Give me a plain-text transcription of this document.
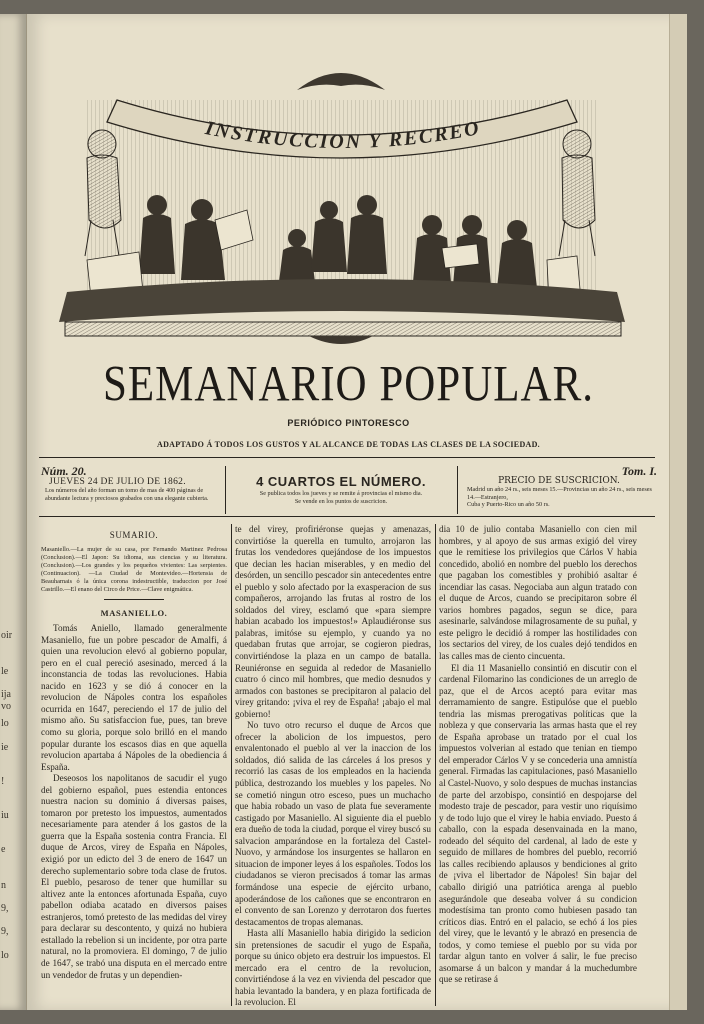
oir
le
ija
vo
lo
ie
!
iu
e
n
9,
9,
lo
INSTRUCCION Y RECREO
SEMANARIO POPULAR.
PERIÓDICO PINTORESCO
ADAPTADO Á TODOS LOS GUSTOS Y AL ALCANCE DE TODAS LAS CLASES DE LA SOCIEDAD.
Núm. 20.
JUEVES 24 DE JULIO DE 1862.
Los números del año forman un tomo de mas de 400 páginas de abundante lectura y preciosos grabados con una elegante cubierta.
4 CUARTOS EL NÚMERO.
Se publica todos los jueves y se remite á provincias el mismo dia.
Se vende en los puntos de suscricion.
Tom. I.
PRECIO DE SUSCRICION.
Madrid un año 24 rs., seis meses 15.—Provincias un año 24 rs., seis meses 14.—Estranjero,
Cuba y Puerto-Rico un año 50 rs.

SUMARIO.

Masaniello.—La mujer de su casa, por Fernando Martinez Pedrosa (Conclusion).—El Japon: Su idioma, sus ciencias y su literatura. (Conclusion).—Los grandes y los pequeños vivientes: Las serpientes. (Continuacion). —La Ciudad de Montevideo.—Hortensia de Beauharnais ó la única corona indestructible, traduccion por José Castrillo.—El enano del Circo de Price.—Clave enigmática.

MASANIELLO.

Tomás Aniello, llamado generalmente Masaniello, fue un pobre pescador de Amalfi, á quien una revolucion elevó al gobierno popular, pero en el cual pereció asesinado, merced á la inconstancia de todas las revoluciones. Habia nacido en 1623 y se dió á conocer en la revolucion de Nápoles contra los españoles ocurrida en 1647, pereciendo el 17 de julio del mismo año. Su satisfaccion fue, pues, tan breve como su gloria, porque solo brilló en el mando popular durante los escasos dias en que aquella revolucion apartaba á Nápoles de la obediencia á España.

Deseosos los napolitanos de sacudir el yugo del gobierno español, pues estendia entonces nuestra nacion su dominio á diversas paises, tomaron por pretesto los impuestos, aumentados necesariamente para atender á los gastos de la guerra que la España sostenia contra Francia. El duque de Arcos, virey de España en Nápoles, exigió por un edicto del 3 de enero de 1647 un derecho suplementario sobre toda clase de frutos. El pueblo, pesaroso de tener que humillar su altivez ante la entonces afortunada España, cuyo pabellon odiaba acatado en diversos paises estranjeros, tomó pretesto de las medidas del virey para declarar su descontento, y quizá no hubiera estallado la rebelion si un incidente, por otra parte natural, no la promoviera. El domingo, 7 de julio de 1647, se trabó una disputa en el mercado entre un vendedor de frutas y un dependien-

te del virey, profiriéronse quejas y amenazas, convirtióse la querella en tumulto, arrojaron las frutas los vendedores quejándose de los impuestos que decian les hacian miserables, y en medio del desórden, un sencillo pescador sin antecedentes entre el pueblo y solo afectado por la exasperacion de sus compañeros, arrojando las frutas al rostro de los soldados del virey, esclamó que «para siempre habian acabado los impuestos!» Aplaudiéronse sus palabras, imitóse su ejemplo, y cuando ya no quedaban frutas que arrojar, se cogieron piedras, convirtiéndose la plaza en un campo de batalla. Reuniéronse en seguida al rededor de Masaniello cuatro ó cinco mil hombres, que medio desnudos y armados con bastones se precipitaron al palacio del virey gritando: ¡viva el rey de España! ¡abajo el mal gobierno!

No tuvo otro recurso el duque de Arcos que ofrecer la abolicion de los impuestos, pero envalentonado el pueblo al ver la inaccion de los soldados, dió salida de las cárceles á los presos y recorrió las casas de los empleados en la hacienda pública, destrozando los muebles y los papeles. No se cometió ningun otro esceso, pues un muchacho que habia robado un vaso de plata fue severamente castigado por Masaniello. Al siguiente dia el pueblo era dueño de toda la ciudad, porque el virey buscó su salvacion amparándose en la fortaleza del Castel-Nuovo, y armándose los insurgentes se hallaron en situacion de imponer leyes á los españoles. Todos los ciudadanos se vieron precisados á tomar las armas formándose una especie de ejército urbano, apoderándose de los cañones que se encontraron en el convento de san Lorenzo y derrotaron dos fuertes destacamentos de tropas alemanas.

Hasta allí Masaniello habia dirigido la sedicion sin pretensiones de sacudir el yugo de España, porque su único objeto era destruir los impuestos. El mercado era el centro de la revolucion, convirtiéndose á la vez en vivienda del pescador que habia levantado la bandera, y en plaza fortificada de la revolucion. El

dia 10 de julio contaba Masaniello con cien mil hombres, y al apoyo de sus armas exigió del virey que le remitiese los privilegios que Cárlos V habia concedido, abolió en nombre del pueblo los derechos que pagaban los comestibles y prohibió asaltar é incendiar las casas. Negociaba aun algun tratado con el duque de Arcos, cuando se precipitaron sobre él varios hombres pagados, segun se dice, para asesinarle, salvándose milagrosamente de su puñal, y este peligro le decidió á romper las hostilidades con los sectarios del virey, de los cuales dejó tendidos en las calles mas de ciento cincuenta.

El dia 11 Masaniello consintió en discutir con el cardenal Filomarino las condiciones de un arreglo de paz, que el de Arcos aceptó para evitar mas derramamiento de sangre. Estipulóse que el pueblo tendria las mismas prerogativas políticas que la nobleza y que conservaria las armas hasta que el rey de España aprobase un tratado por el cual los impuestos volverian al estado que tenian en tiempo del emperador Cárlos V y se concederia una amnistía general. Firmadas las capitulaciones, pasó Masaniello al Castel-Nuovo, y solo despues de muchas instancias de parte del arzobispo, consintió en despojarse del modesto traje de pescador, para vestir uno riquísimo y de todo lujo que el virey le habia enviado. Puesto á caballo, con la espada desenvainada en la mano, rodeado del séquito del cardenal, al lado de este y seguido de millares de hombres del pueblo, recorrió las calles recibiendo aplausos y bendiciones al grito de ¡viva el libertador de Nápoles! Sin bajar del caballo dirigió una patriótica arenga al pueblo asegurándole que deseaba volver á su condicion modestísima tan pronto como hubiesen pasado tan críticos dias. Entró en el palacio, se echó á los pies del virey, que le levantó y le abrazó en presencia de todos, y como temiese el pueblo por su vida por tardar algun tanto en volver á salir, le fue preciso asomarse á un balcon y mandar á la muchedumbre que se retirase á
